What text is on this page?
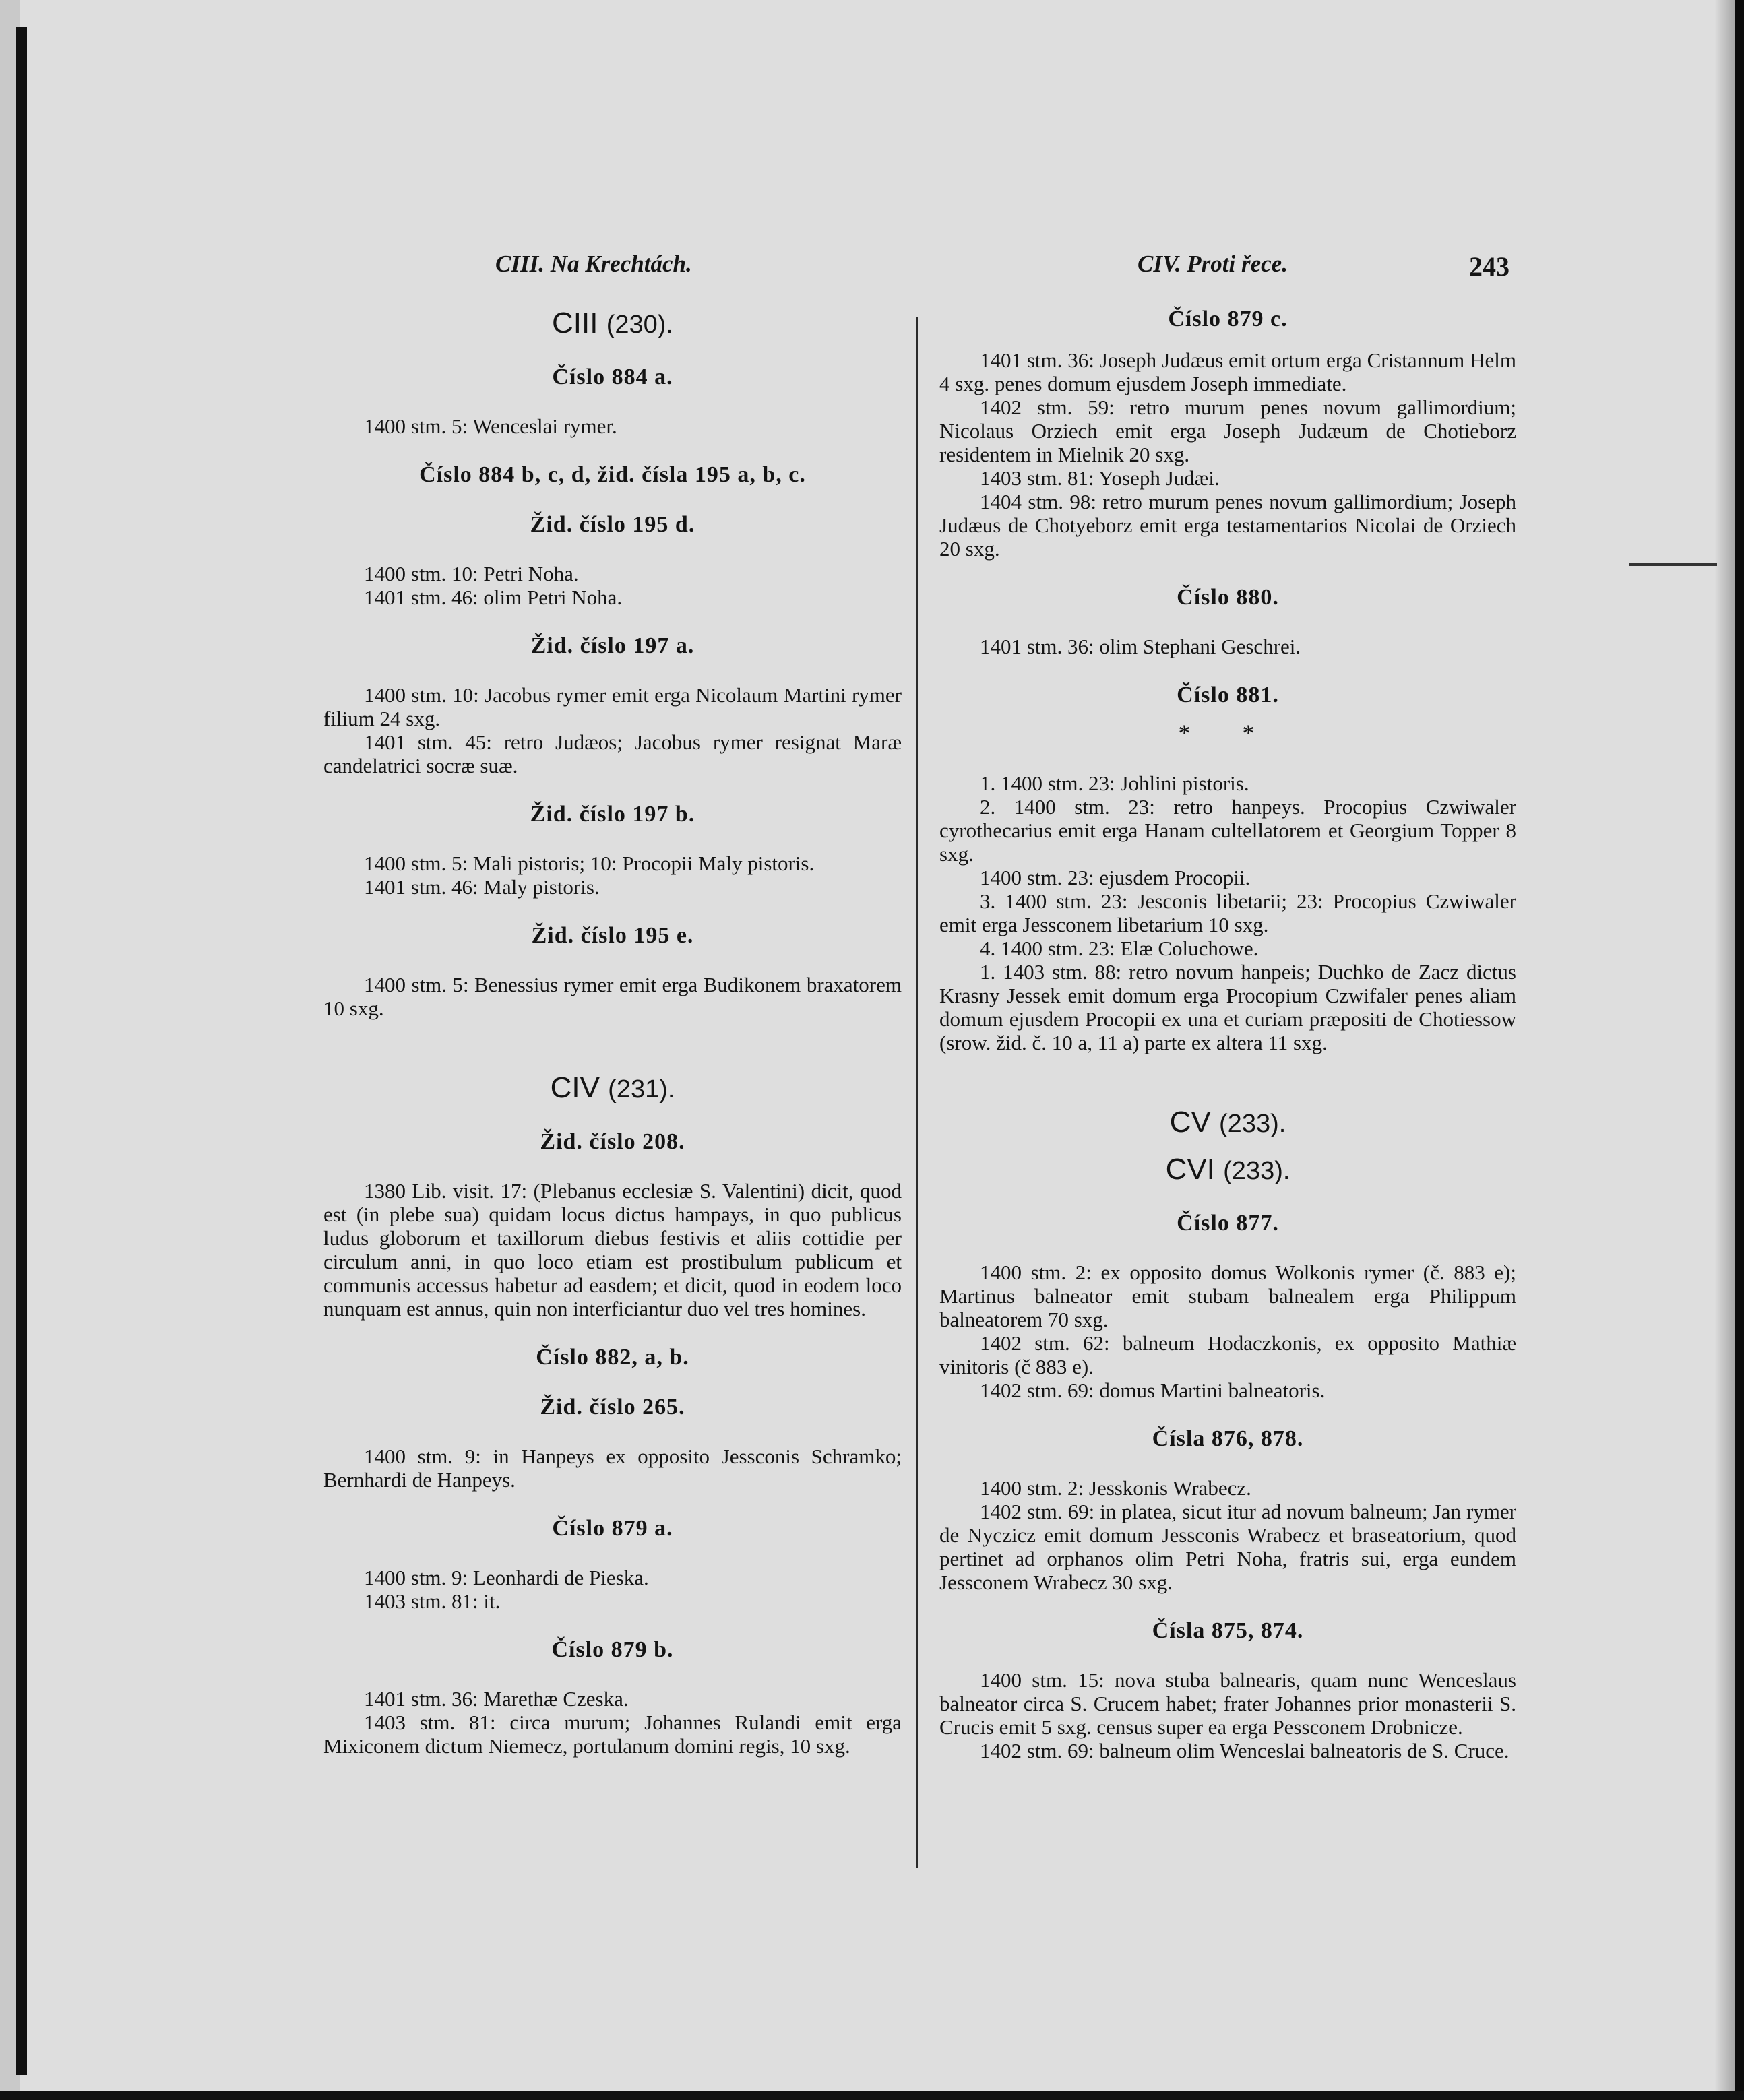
CIII. Na Krechtách.	CIV. Proti řece.	243

CIII (230).

Číslo 884 a.

1400 stm. 5: Wenceslai rymer.

Číslo 884 b, c, d, žid. čísla 195 a, b, c.

Žid. číslo 195 d.

1400 stm. 10: Petri Noha.

1401 stm. 46: olim Petri Noha.

Žid. číslo 197 a.

1400 stm. 10: Jacobus rymer emit erga Nicolaum Martini rymer filium 24 sxg.

1401 stm. 45: retro Judæos; Jacobus rymer resignat Maræ candelatrici socræ suæ.

Žid. číslo 197 b.

1400 stm. 5: Mali pistoris; 10: Procopii Maly pistoris.

1401 stm. 46: Maly pistoris.

Žid. číslo 195 e.

1400 stm. 5: Benessius rymer emit erga Budikonem braxatorem 10 sxg.

CIV (231).

Žid. číslo 208.

1380 Lib. visit. 17: (Plebanus ecclesiæ S. Valentini) dicit, quod est (in plebe sua) quidam locus dictus hampays, in quo publicus ludus globorum et taxillorum diebus festivis et aliis cottidie per circulum anni, in quo loco etiam est prostibulum publicum et communis accessus habetur ad easdem; et dicit, quod in eodem loco nunquam est annus, quin non interficiantur duo vel tres homines.

Číslo 882, a, b.

Žid. číslo 265.

1400 stm. 9: in Hanpeys ex opposito Jessconis Schramko; Bernhardi de Hanpeys.

Číslo 879 a.

1400 stm. 9: Leonhardi de Pieska.

1403 stm. 81: it.

Číslo 879 b.

1401 stm. 36: Marethæ Czeska.

1403 stm. 81: circa murum; Johannes Rulandi emit erga Mixiconem dictum Niemecz, portulanum domini regis, 10 sxg.

Číslo 879 c.

1401 stm. 36: Joseph Judæus emit ortum erga Cristannum Helm 4 sxg. penes domum ejusdem Joseph immediate.

1402 stm. 59: retro murum penes novum gallimordium; Nicolaus Orziech emit erga Joseph Judæum de Chotieborz residentem in Mielnik 20 sxg.

1403 stm. 81: Yoseph Judæi.

1404 stm. 98: retro murum penes novum gallimordium; Joseph Judæus de Chotyeborz emit erga testamentarios Nicolai de Orziech 20 sxg.

Číslo 880.

1401 stm. 36: olim Stephani Geschrei.

Číslo 881.

* *

1. 1400 stm. 23: Johlini pistoris.

2. 1400 stm. 23: retro hanpeys. Procopius Czwiwaler cyrothecarius emit erga Hanam cultellatorem et Georgium Topper 8 sxg.

1400 stm. 23: ejusdem Procopii.

3. 1400 stm. 23: Jesconis libetarii; 23: Procopius Czwiwaler emit erga Jessconem libetarium 10 sxg.

4. 1400 stm. 23: Elæ Coluchowe.

1. 1403 stm. 88: retro novum hanpeis; Duchko de Zacz dictus Krasny Jessek emit domum erga Procopium Czwifaler penes aliam domum ejusdem Procopii ex una et curiam præpositi de Chotiessow (srow. žid. č. 10 a, 11 a) parte ex altera 11 sxg.

CV (233).

CVI (233).

Číslo 877.

1400 stm. 2: ex opposito domus Wolkonis rymer (č. 883 e); Martinus balneator emit stubam balnealem erga Philippum balneatorem 70 sxg.

1402 stm. 62: balneum Hodaczkonis, ex opposito Mathiæ vinitoris (č 883 e).

1402 stm. 69: domus Martini balneatoris.

Čísla 876, 878.

1400 stm. 2: Jesskonis Wrabecz.

1402 stm. 69: in platea, sicut itur ad novum balneum; Jan rymer de Nyczicz emit domum Jessconis Wrabecz et braseatorium, quod pertinet ad orphanos olim Petri Noha, fratris sui, erga eundem Jessconem Wrabecz 30 sxg.

Čísla 875, 874.

1400 stm. 15: nova stuba balnearis, quam nunc Wenceslaus balneator circa S. Crucem habet; frater Johannes prior monasterii S. Crucis emit 5 sxg. census super ea erga Pessconem Drobnicze.

1402 stm. 69: balneum olim Wenceslai balneatoris de S. Cruce.
